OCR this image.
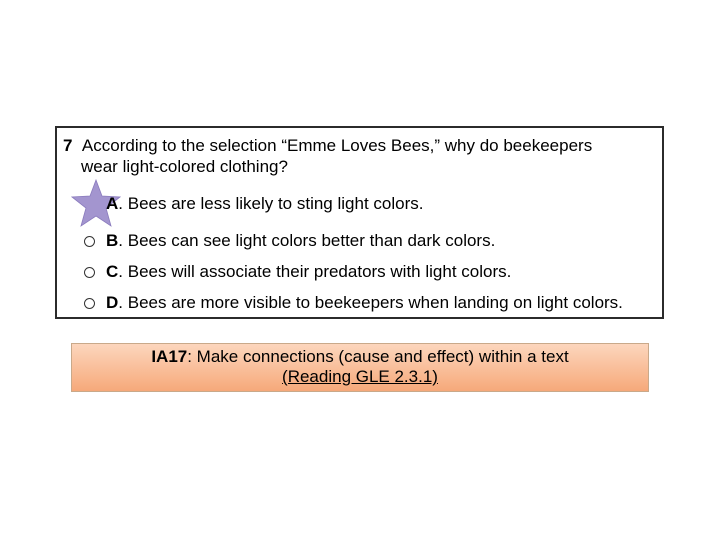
7 According to the selection “Emme Loves Bees,” why do beekeepers
wear light-colored clothing?
A . Bees are less likely to sting light colors.
B . Bees can see light colors better than dark colors.
C . Bees will associate their predators with light colors.
D . Bees are more visible to beekeepers when landing on light colors.
IA17: Make connections (cause and effect) within a text
(Reading GLE 2.3.1)
